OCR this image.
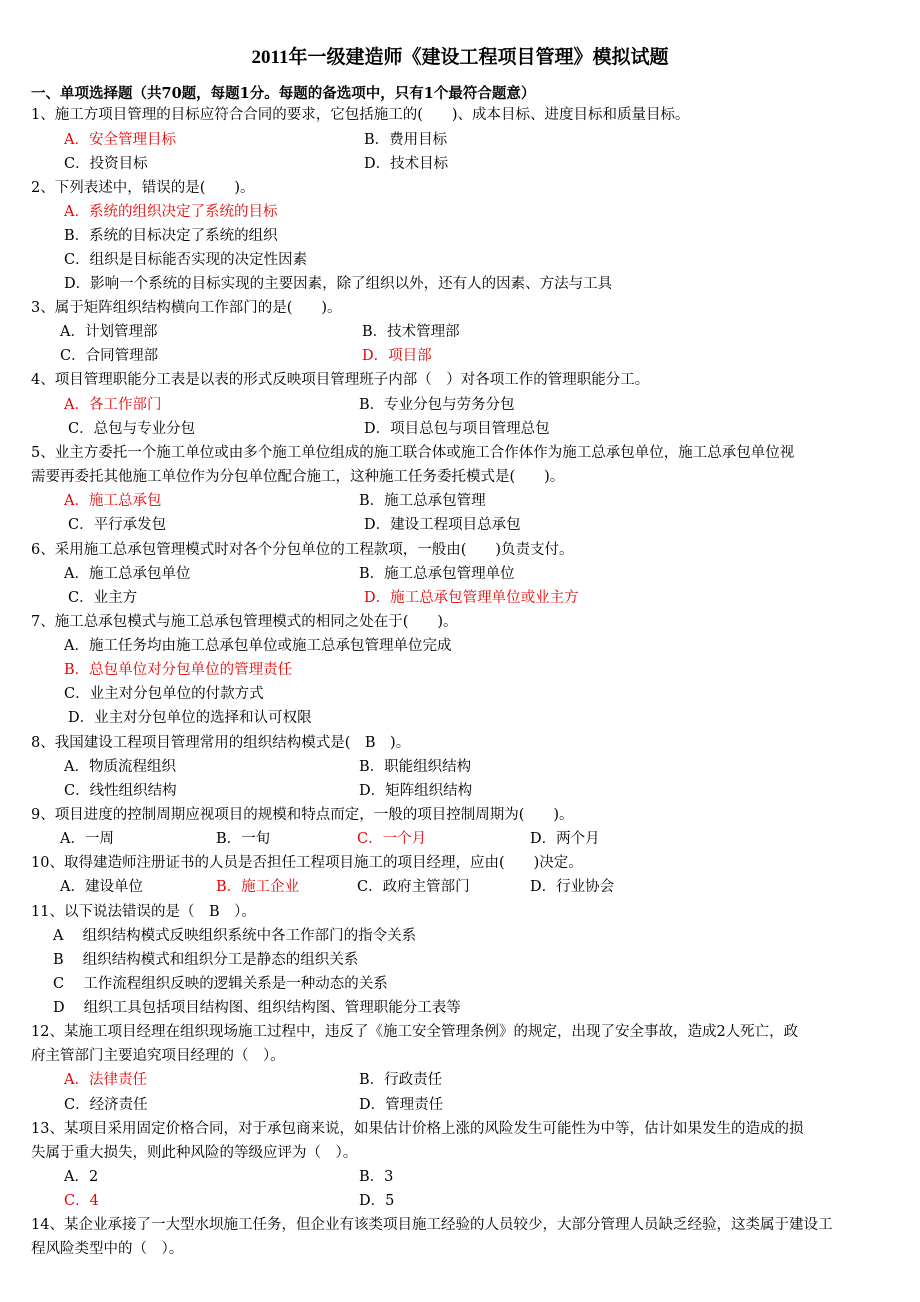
2011年一级建造师《建设工程项目管理》模拟试题
一、单项选择题（共70题，每题1分。每题的备选项中，只有1个最符合题意）
1、施工方项目管理的目标应符合合同的要求，它包括施工的(　　)、成本目标、进度目标和质量目标。
A．安全管理目标	B．费用目标
C．投资目标	D．技术目标
2、下列表述中，错误的是(　　)。
A．系统的组织决定了系统的目标
B．系统的目标决定了系统的组织
C．组织是目标能否实现的决定性因素
D．影响一个系统的目标实现的主要因素，除了组织以外，还有人的因素、方法与工具
3、属于矩阵组织结构横向工作部门的是(　　)。
A．计划管理部	B．技术管理部
C．合同管理部	D．项目部
4、项目管理职能分工表是以表的形式反映项目管理班子内部（　）对各项工作的管理职能分工。
A．各工作部门	B．专业分包与劳务分包
C．总包与专业分包	D．项目总包与项目管理总包
5、业主方委托一个施工单位或由多个施工单位组成的施工联合体或施工合作体作为施工总承包单位，施工总承包单位视
需要再委托其他施工单位作为分包单位配合施工，这种施工任务委托模式是(　　)。
A．施工总承包	B．施工总承包管理
C．平行承发包	D．建设工程项目总承包
6、采用施工总承包管理模式时对各个分包单位的工程款项，一般由(　　)负责支付。
A．施工总承包单位	B．施工总承包管理单位
C．业主方	D．施工总承包管理单位或业主方
7、施工总承包模式与施工总承包管理模式的相同之处在于(　　)。
A．施工任务均由施工总承包单位或施工总承包管理单位完成
B．总包单位对分包单位的管理责任
C．业主对分包单位的付款方式
D．业主对分包单位的选择和认可权限
8、我国建设工程项目管理常用的组织结构模式是(　B　)。
A．物质流程组织	B．职能组织结构
C．线性组织结构	D．矩阵组织结构
9、项目进度的控制周期应视项目的规模和特点而定，一般的项目控制周期为(　　)。
A．一周	B．一旬	C．一个月	D．两个月
10、取得建造师注册证书的人员是否担任工程项目施工的项目经理，应由(　　)决定。
A．建设单位	B．施工企业	C．政府主管部门	D．行业协会
11、以下说法错误的是（　B　）。
A　 组织结构模式反映组织系统中各工作部门的指令关系
B　 组织结构模式和组织分工是静态的组织关系
C　 工作流程组织反映的逻辑关系是一种动态的关系
D　 组织工具包括项目结构图、组织结构图、管理职能分工表等
12、某施工项目经理在组织现场施工过程中，违反了《施工安全管理条例》的规定，出现了安全事故，造成2人死亡，政
府主管部门主要追究项目经理的（　）。
A．法律责任	B．行政责任
C．经济责任	D．管理责任
13、某项目采用固定价格合同，对于承包商来说，如果估计价格上涨的风险发生可能性为中等，估计如果发生的造成的损
失属于重大损失，则此种风险的等级应评为（　）。
A．2	B．3
C．4	D．5
14、某企业承接了一大型水坝施工任务，但企业有该类项目施工经验的人员较少，大部分管理人员缺乏经验，这类属于建设工
程风险类型中的（　）。
